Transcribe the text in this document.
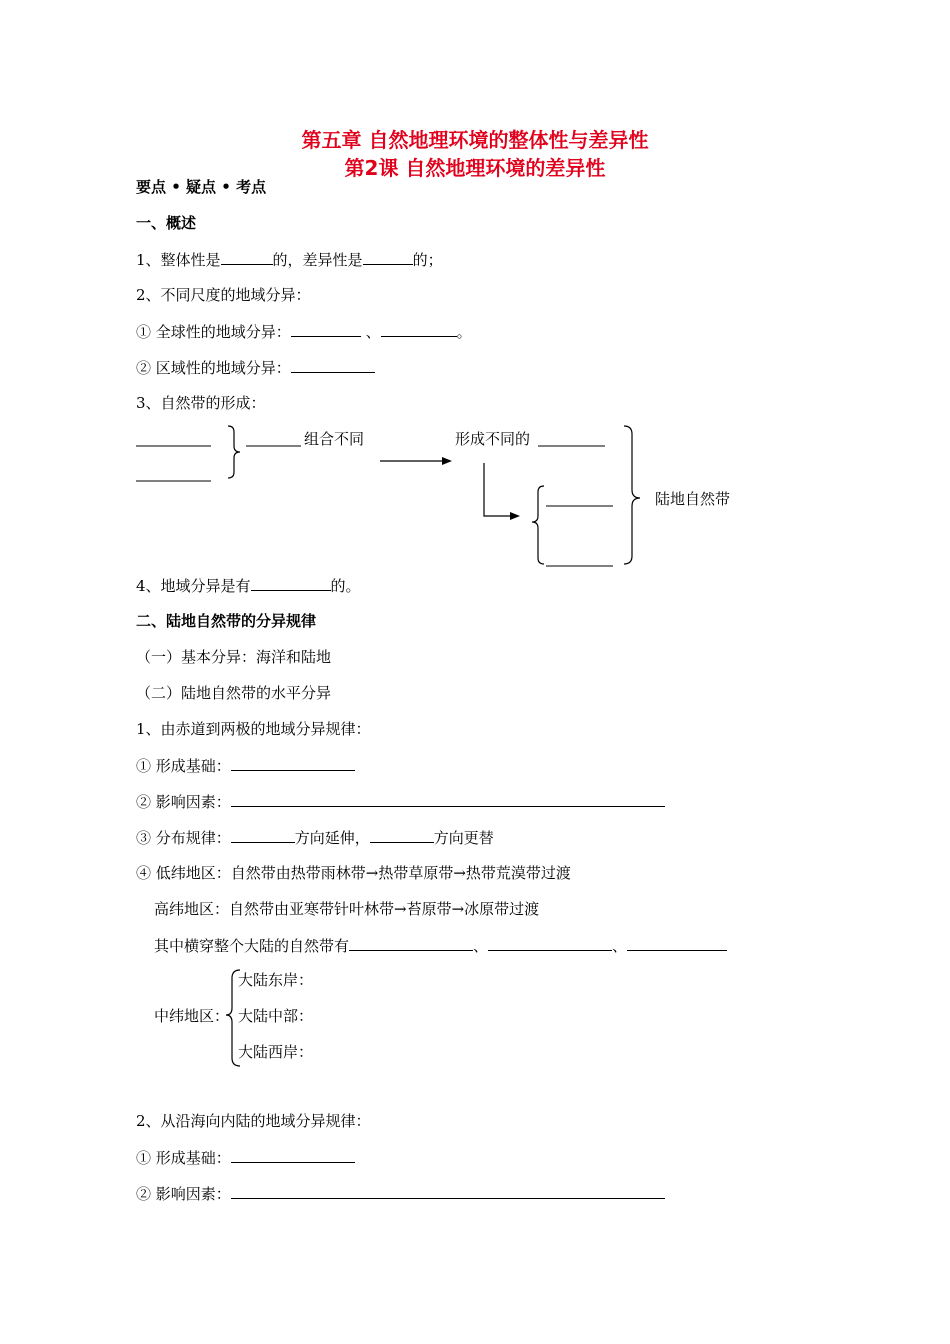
第五章 自然地理环境的整体性与差异性
第2课 自然地理环境的差异性
要点 • 疑点 • 考点
一、概述
1、整体性是	的，差异性是	的；
2、不同尺度的地域分异：
① 全球性的地域分异：	、	。
② 区域性的地域分异：
3、自然带的形成：
组合不同	形成不同的
陆地自然带
4、地域分异是有	的。
二、陆地自然带的分异规律
（一）基本分异：海洋和陆地
（二）陆地自然带的水平分异
1、由赤道到两极的地域分异规律：
① 形成基础：
② 影响因素：
③ 分布规律：	方向延伸，	方向更替
④ 低纬地区：自然带由热带雨林带→热带草原带→热带荒漠带过渡
高纬地区：自然带由亚寒带针叶林带→苔原带→冰原带过渡
其中横穿整个大陆的自然带有	、	、
中纬地区：
大陆东岸：
大陆中部：
大陆西岸：
2、从沿海向内陆的地域分异规律：
① 形成基础：
② 影响因素：
